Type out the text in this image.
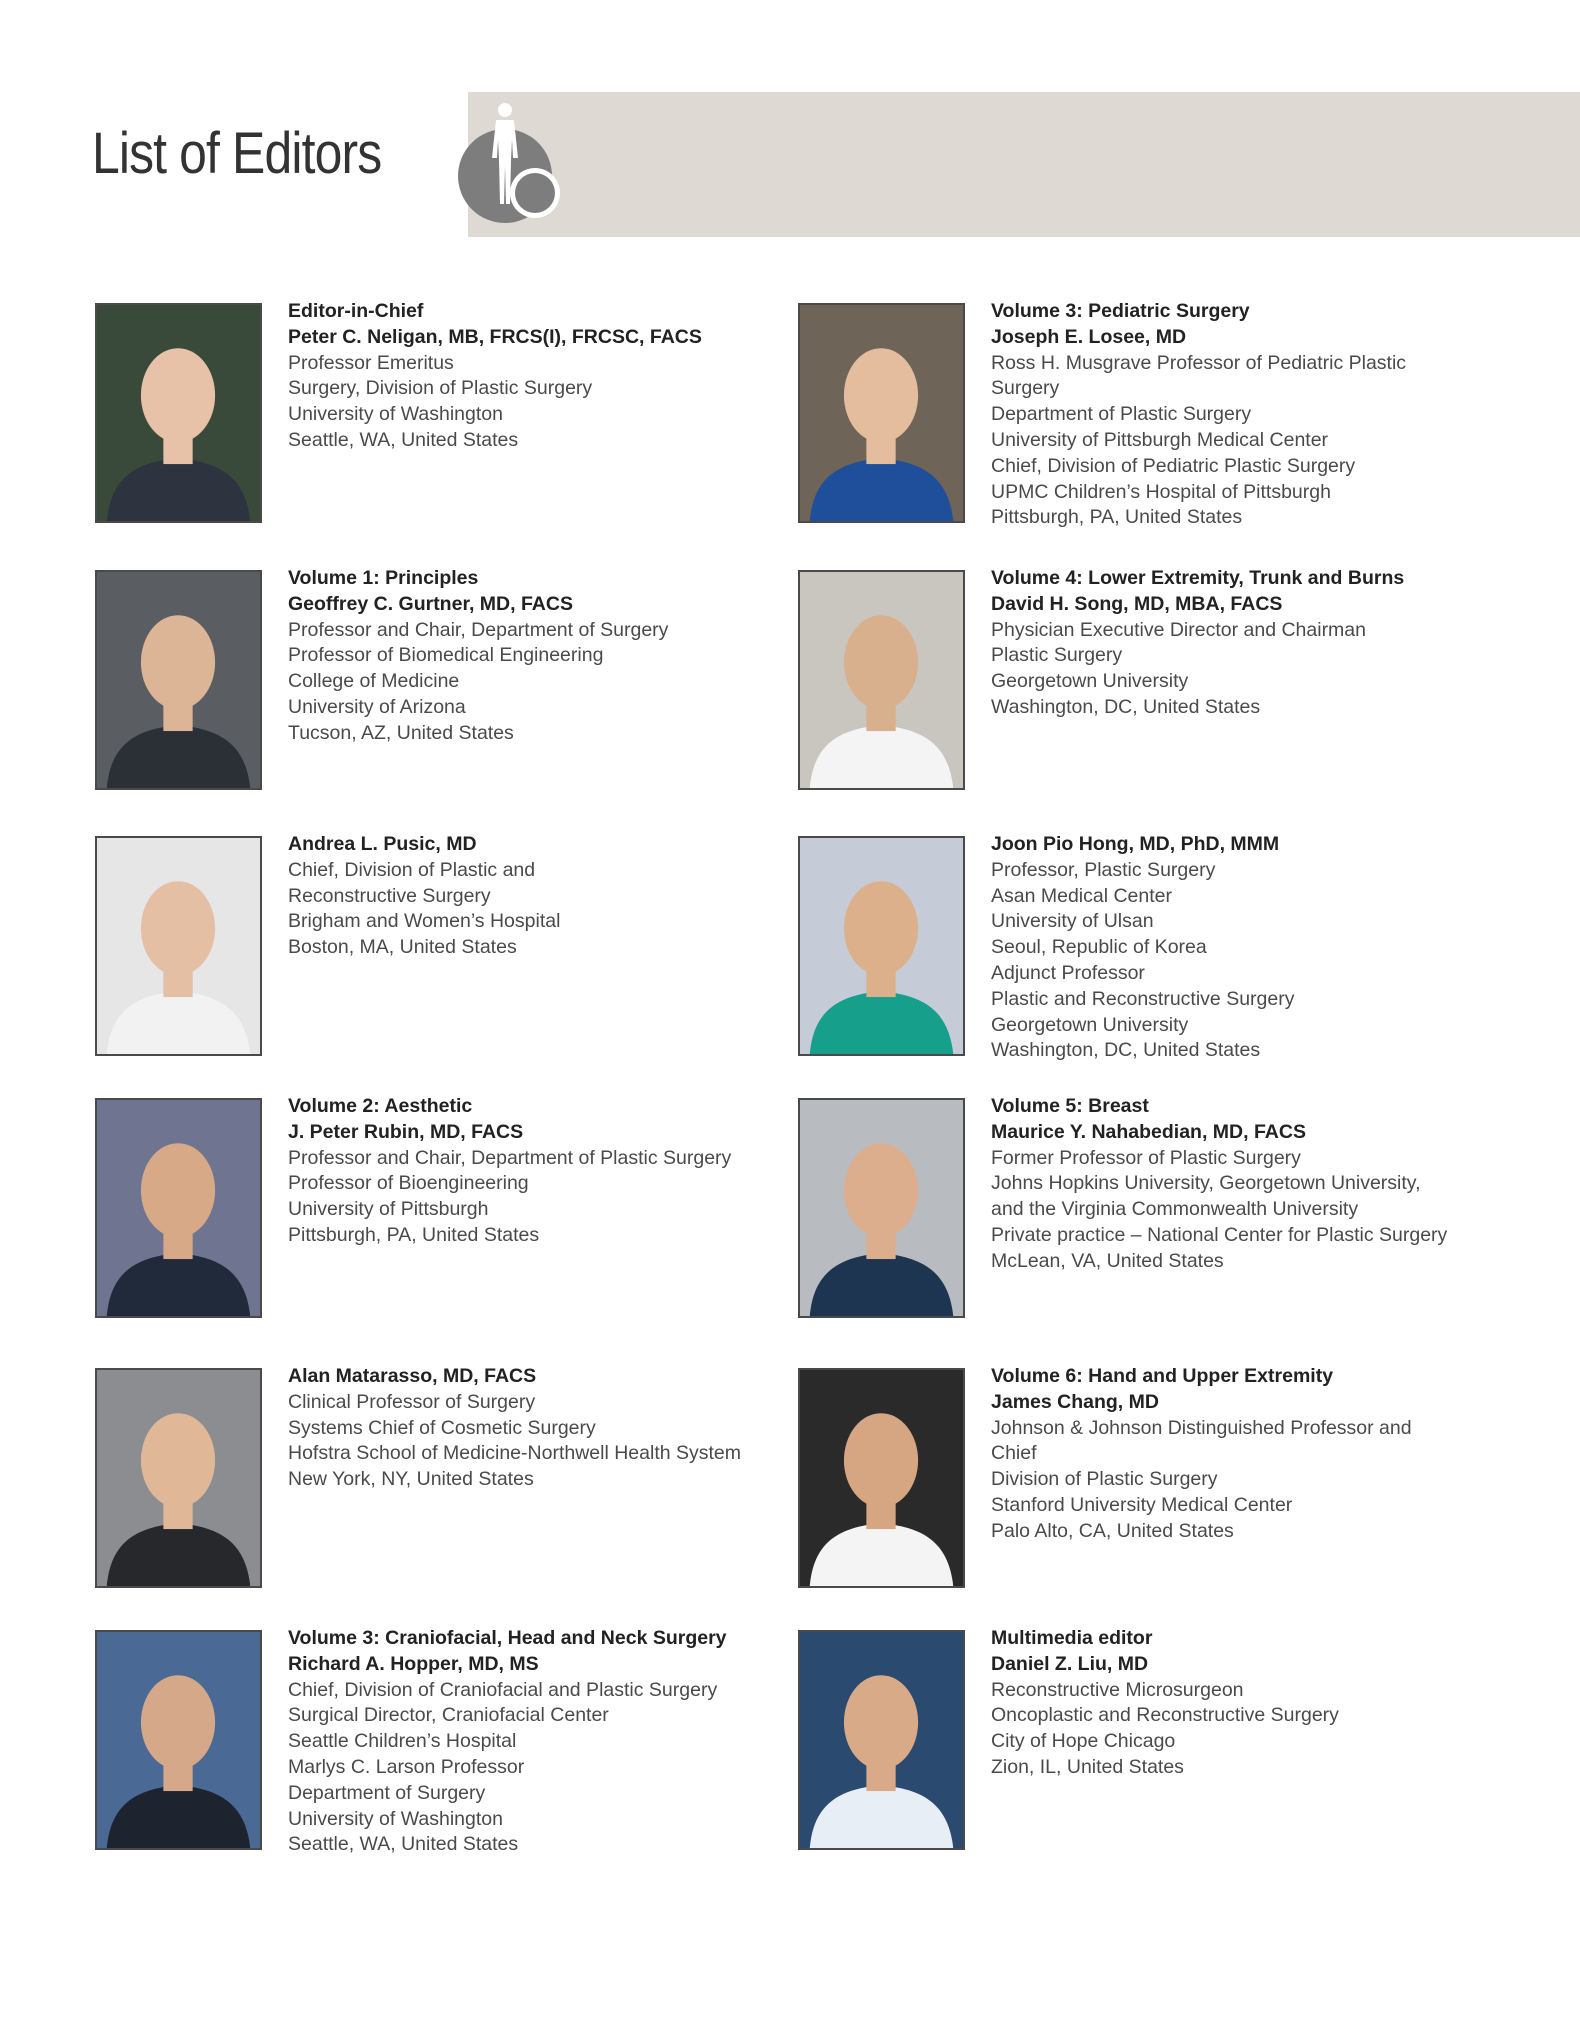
List of Editors
Editor-in-Chief
Peter C. Neligan, MB, FRCS(I), FRCSC, FACS
Professor Emeritus
Surgery, Division of Plastic Surgery
University of Washington
Seattle, WA, United States
Volume 1: Principles
Geoffrey C. Gurtner, MD, FACS
Professor and Chair, Department of Surgery
Professor of Biomedical Engineering
College of Medicine
University of Arizona
Tucson, AZ, United States
Andrea L. Pusic, MD
Chief, Division of Plastic and
Reconstructive Surgery
Brigham and Women’s Hospital
Boston, MA, United States
Volume 2: Aesthetic
J. Peter Rubin, MD, FACS
Professor and Chair, Department of Plastic Surgery
Professor of Bioengineering
University of Pittsburgh
Pittsburgh, PA, United States
Alan Matarasso, MD, FACS
Clinical Professor of Surgery
Systems Chief of Cosmetic Surgery
Hofstra School of Medicine-Northwell Health System
New York, NY, United States
Volume 3: Craniofacial, Head and Neck Surgery
Richard A. Hopper, MD, MS
Chief, Division of Craniofacial and Plastic Surgery
Surgical Director, Craniofacial Center
Seattle Children’s Hospital
Marlys C. Larson Professor
Department of Surgery
University of Washington
Seattle, WA, United States
Volume 3: Pediatric Surgery
Joseph E. Losee, MD
Ross H. Musgrave Professor of Pediatric Plastic
Surgery
Department of Plastic Surgery
University of Pittsburgh Medical Center
Chief, Division of Pediatric Plastic Surgery
UPMC Children’s Hospital of Pittsburgh
Pittsburgh, PA, United States
Volume 4: Lower Extremity, Trunk and Burns
David H. Song, MD, MBA, FACS
Physician Executive Director and Chairman
Plastic Surgery
Georgetown University
Washington, DC, United States
Joon Pio Hong, MD, PhD, MMM
Professor, Plastic Surgery
Asan Medical Center
University of Ulsan
Seoul, Republic of Korea
Adjunct Professor
Plastic and Reconstructive Surgery
Georgetown University
Washington, DC, United States
Volume 5: Breast
Maurice Y. Nahabedian, MD, FACS
Former Professor of Plastic Surgery
Johns Hopkins University, Georgetown University,
and the Virginia Commonwealth University
Private practice – National Center for Plastic Surgery
McLean, VA, United States
Volume 6: Hand and Upper Extremity
James Chang, MD
Johnson & Johnson Distinguished Professor and
Chief
Division of Plastic Surgery
Stanford University Medical Center
Palo Alto, CA, United States
Multimedia editor
Daniel Z. Liu, MD
Reconstructive Microsurgeon
Oncoplastic and Reconstructive Surgery
City of Hope Chicago
Zion, IL, United States
